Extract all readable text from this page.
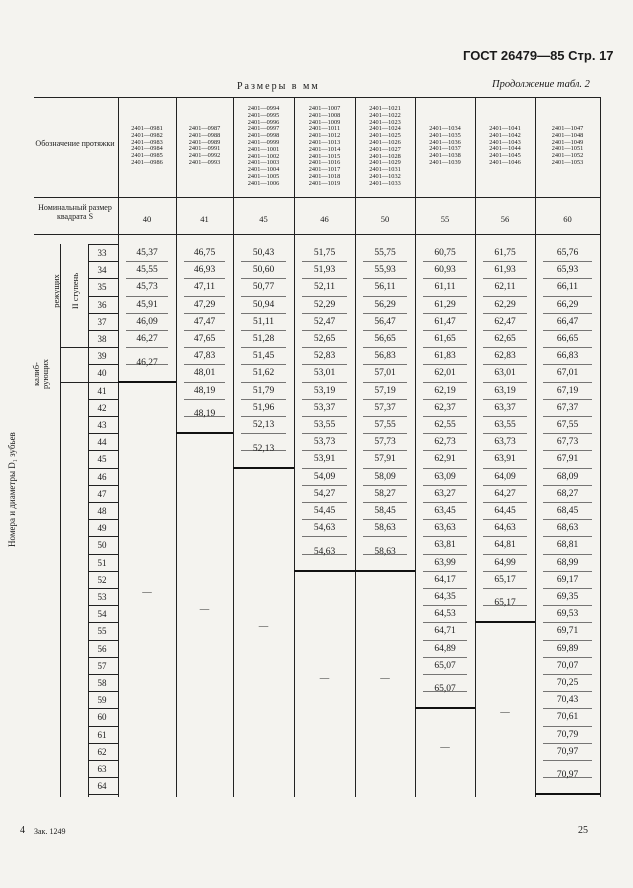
ГОСТ 26479—85 Стр. 17
Продолжение табл. 2
Размеры в мм
Обозначение протяжки
Номинальный размер квадрата S
Номера и диаметры D₁ зубьев
режущих II ступень
калиб-рующих
2401—0981
2401—0982
2401—0983
2401—0984
2401—0985
2401—0986
40
2401—0987
2401—0988
2401—0989
2401—0991
2401—0992
2401—0993
41
2401—0994
2401—0995
2401—0996
2401—0997
2401—0998
2401—0999
2401—1001
2401—1002
2401—1003
2401—1004
2401—1005
2401—1006
45
2401—1007
2401—1008
2401—1009
2401—1011
2401—1012
2401—1013
2401—1014
2401—1015
2401—1016
2401—1017
2401—1018
2401—1019
46
2401—1021
2401—1022
2401—1023
2401—1024
2401—1025
2401—1026
2401—1027
2401—1028
2401—1029
2401—1031
2401—1032
2401—1033
50
2401—1034
2401—1035
2401—1036
2401—1037
2401—1038
2401—1039
55
2401—1041
2401—1042
2401—1043
2401—1044
2401—1045
2401—1046
56
2401—1047
2401—1048
2401—1049
2401—1051
2401—1052
2401—1053
60
33
34
35
36
37
38
39
40
41
42
43
44
45
46
47
48
49
50
51
52
53
54
55
56
57
58
59
60
61
62
63
64
45,37
45,55
45,73
45,91
46,09
46,27
46,27
—
46,75
46,93
47,11
47,29
47,47
47,65
47,83
48,01
48,19
48,19
—
50,43
50,60
50,77
50,94
51,11
51,28
51,45
51,62
51,79
51,96
52,13
52,13
—
51,75
51,93
52,11
52,29
52,47
52,65
52,83
53,01
53,19
53,37
53,55
53,73
53,91
54,09
54,27
54,45
54,63
54,63
—
55,75
55,93
56,11
56,29
56,47
56,65
56,83
57,01
57,19
57,37
57,55
57,73
57,91
58,09
58,27
58,45
58,63
58,63
—
60,75
60,93
61,11
61,29
61,47
61,65
61,83
62,01
62,19
62,37
62,55
62,73
62,91
63,09
63,27
63,45
63,63
63,81
63,99
64,17
64,35
64,53
64,71
64,89
65,07
65,07
—
61,75
61,93
62,11
62,29
62,47
62,65
62,83
63,01
63,19
63,37
63,55
63,73
63,91
64,09
64,27
64,45
64,63
64,81
64,99
65,17
65,17
—
65,76
65,93
66,11
66,29
66,47
66,65
66,83
67,01
67,19
67,37
67,55
67,73
67,91
68,09
68,27
68,45
68,63
68,81
68,99
69,17
69,35
69,53
69,71
69,89
70,07
70,25
70,43
70,61
70,79
70,97
70,97
4 Зак. 1249	25
